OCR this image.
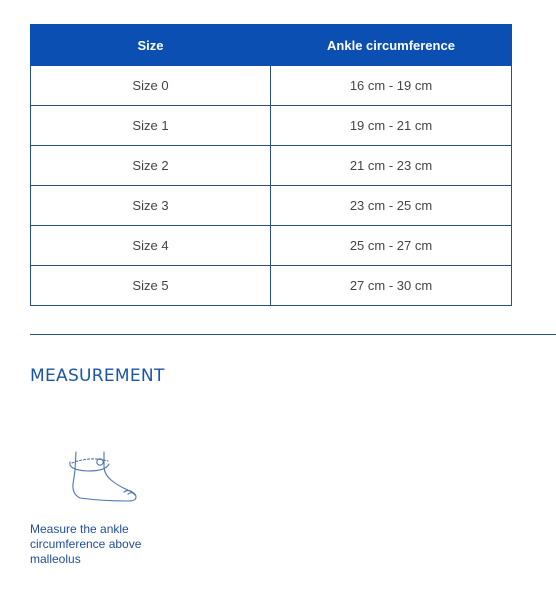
Size	Ankle circumference
Size 0	16 cm - 19 cm
Size 1	19 cm - 21 cm
Size 2	21 cm - 23 cm
Size 3	23 cm - 25 cm
Size 4	25 cm - 27 cm
Size 5	27 cm - 30 cm
MEASUREMENT

Measure the ankle circumference above malleolus
